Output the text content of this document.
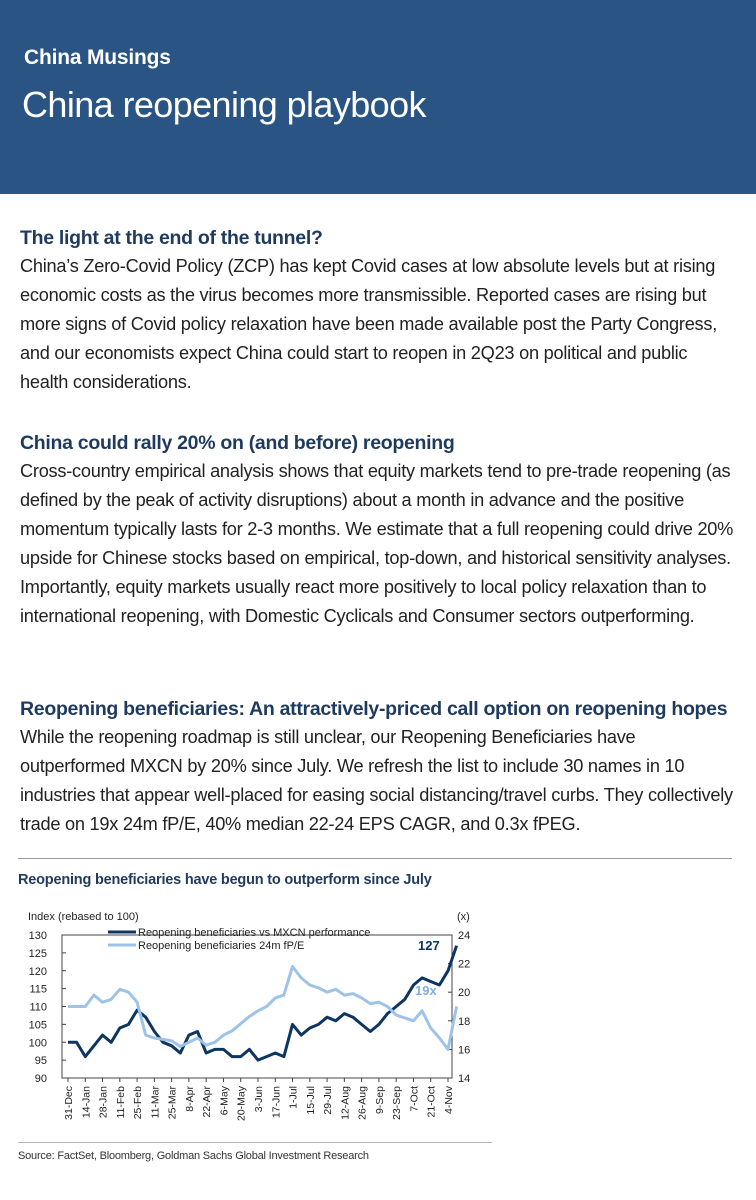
China Musings
China reopening playbook
The light at the end of the tunnel?

China’s Zero-Covid Policy (ZCP) has kept Covid cases at low absolute levels but at rising economic costs as the virus becomes more transmissible. Reported cases are rising but more signs of Covid policy relaxation have been made available post the Party Congress, and our economists expect China could start to reopen in 2Q23 on political and public health considerations.

China could rally 20% on (and before) reopening

Cross-country empirical analysis shows that equity markets tend to pre-trade reopening (as defined by the peak of activity disruptions) about a month in advance and the positive momentum typically lasts for 2-3 months. We estimate that a full reopening could drive 20% upside for Chinese stocks based on empirical, top-down, and historical sensitivity analyses. Importantly, equity markets usually react more positively to local policy relaxation than to international reopening, with Domestic Cyclicals and Consumer sectors outperforming.

Reopening beneficiaries: An attractively-priced call option on reopening hopes

While the reopening roadmap is still unclear, our Reopening Beneficiaries have outperformed MXCN by 20% since July. We refresh the list to include 30 names in 10 industries that appear well-placed for easing social distancing/travel curbs. They collectively trade on 19x 24m fP/E, 40% median 22-24 EPS CAGR, and 0.3x fPEG.

Reopening beneficiaries have begun to outperform since July
Index (rebased to 100)	(x)
90
95
100
105
110
115
120
125
130
14
16
18
20
22
24
31-Dec 14-Jan 28-Jan 11-Feb 25-Feb 11-Mar 25-Mar 8-Apr 22-Apr 6-May 20-May 3-Jun 17-Jun 1-Jul 15-Jul 29-Jul 12-Aug 26-Aug 9-Sep 23-Sep 7-Oct 21-Oct 4-Nov
Reopening beneficiaries vs MXCN performance
Reopening beneficiaries 24m fP/E	127
19x
Source: FactSet, Bloomberg, Goldman Sachs Global Investment Research
